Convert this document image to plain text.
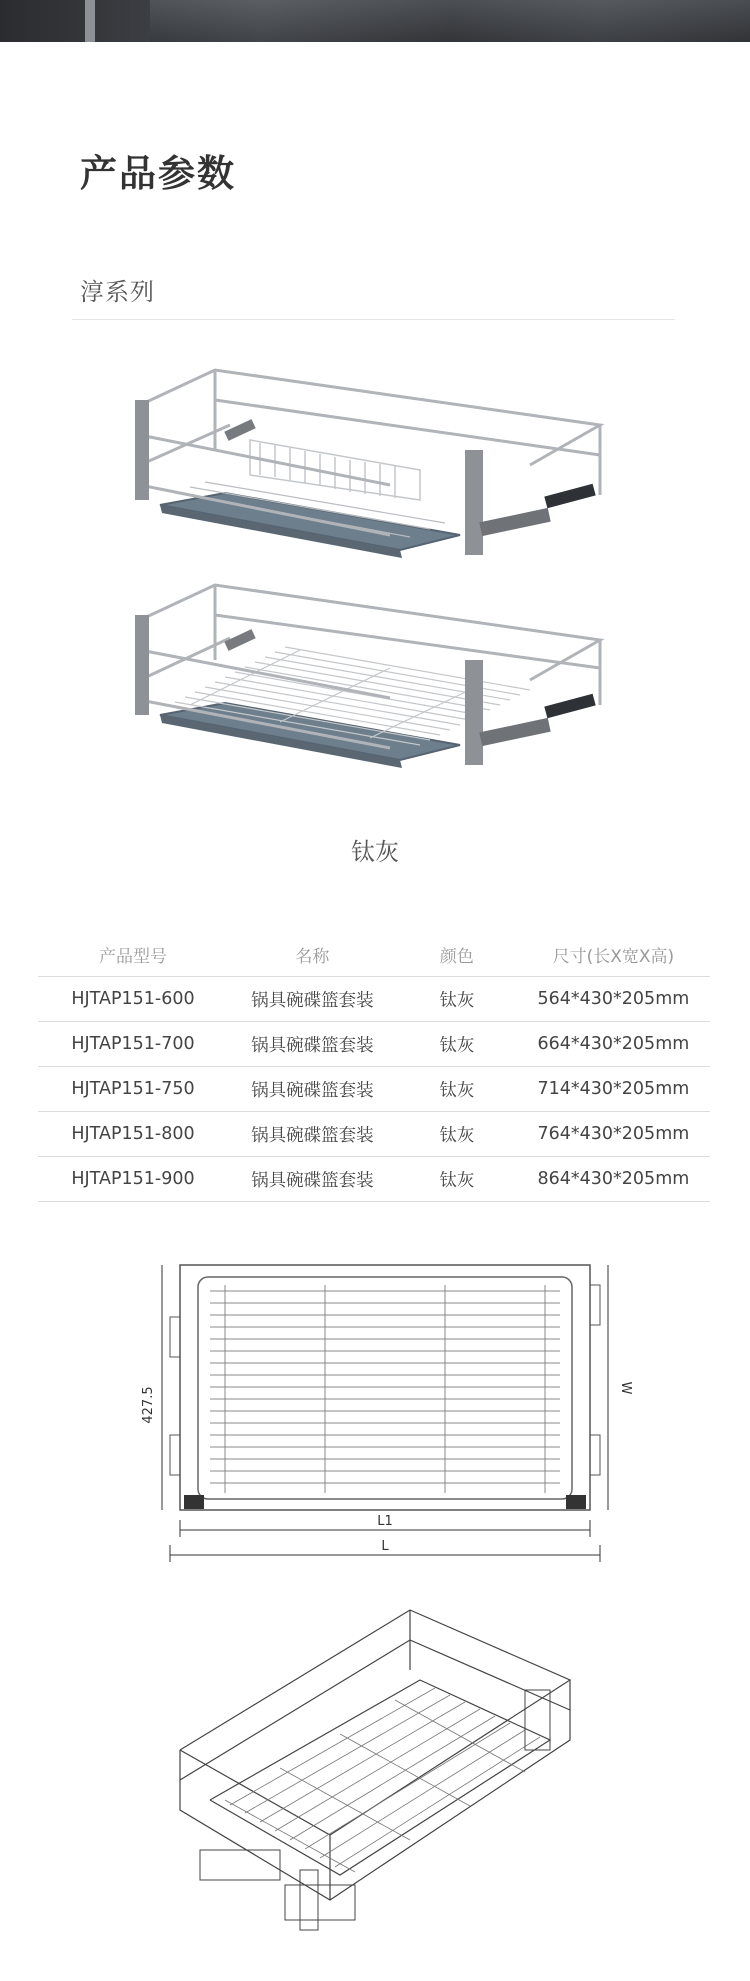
产品参数
淳系列
钛灰
产品型号	名称	颜色	尺寸(长X宽X高)
HJTAP151-600	锅具碗碟篮套装	钛灰	564*430*205mm
HJTAP151-700	锅具碗碟篮套装	钛灰	664*430*205mm
HJTAP151-750	锅具碗碟篮套装	钛灰	714*430*205mm
HJTAP151-800	锅具碗碟篮套装	钛灰	764*430*205mm
HJTAP151-900	锅具碗碟篮套装	钛灰	864*430*205mm
427.5	W
L1
L
